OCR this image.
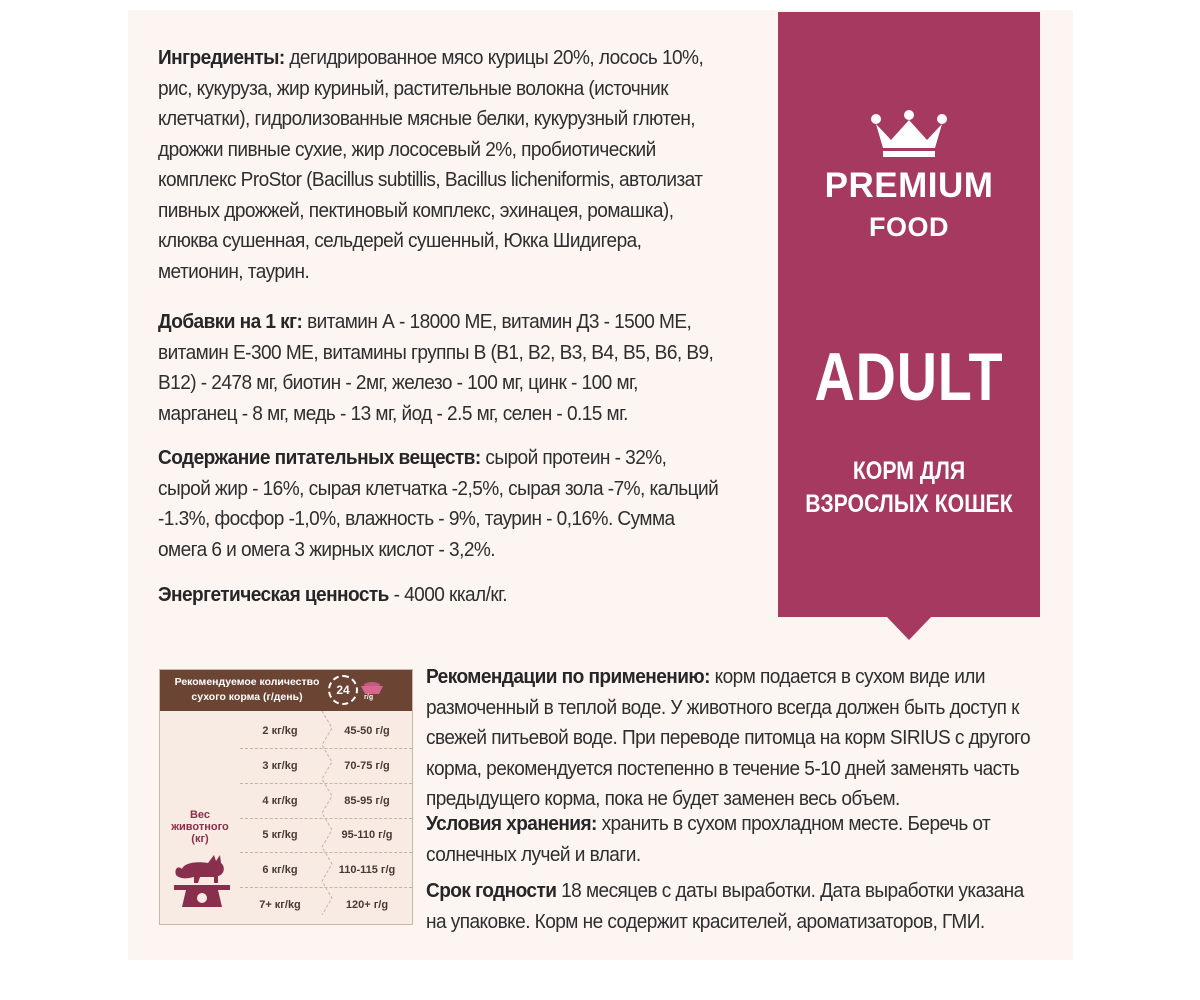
Ингредиенты: дегидрированное мясо курицы 20%, лосось 10%, рис, кукуруза, жир куриный, растительные волокна (источник клетчатки), гидролизованные мясные белки, кукурузный глютен, дрожжи пивные сухие, жир лососевый 2%, пробиотический комплекс ProStor (Bacillus subtillis, Bacillus licheniformis, автолизат пивных дрожжей, пектиновый комплекс, эхинацея, ромашка), клюква сушенная, сельдерей сушенный, Юкка Шидигера, метионин, таурин.
Добавки на 1 кг: витамин А - 18000 МЕ, витамин Д3 - 1500 МЕ, витамин Е-300 МЕ, витамины группы В (В1, В2, В3, В4, В5, В6, В9, В12) - 2478 мг, биотин - 2мг, железо - 100 мг, цинк - 100 мг, марганец - 8 мг, медь - 13 мг, йод - 2.5 мг, селен - 0.15 мг.
Содержание питательных веществ: сырой протеин - 32%, сырой жир - 16%, сырая клетчатка -2,5%, сырая зола -7%, кальций -1.3%, фосфор -1,0%, влажность - 9%, таурин - 0,16%. Сумма омега 6 и омега 3 жирных кислот - 3,2%.
Энергетическая ценность - 4000 ккал/кг.
PREMIUM
FOOD
ADULT
КОРМ ДЛЯ ВЗРОСЛЫХ КОШЕК
Рекомендуемое количество сухого корма (г/день)	24
г/g
Вес животного (кг)
2 кг/kg	45-50 г/g
3 кг/kg	70-75 г/g
4 кг/kg	85-95 г/g
5 кг/kg	95-110 г/g
6 кг/kg	110-115 г/g
7+ кг/kg	120+ г/g
Рекомендации по применению: корм подается в сухом виде или размоченный в теплой воде. У животного всегда должен быть доступ к свежей питьевой воде. При переводе питомца на корм SIRIUS с другого корма, рекомендуется постепенно в течение 5-10 дней заменять часть предыдущего корма, пока не будет заменен весь объем.
Условия хранения: хранить в сухом прохладном месте. Беречь от солнечных лучей и влаги.
Срок годности 18 месяцев с даты выработки. Дата выработки указана на упаковке. Корм не содержит красителей, ароматизаторов, ГМИ.
